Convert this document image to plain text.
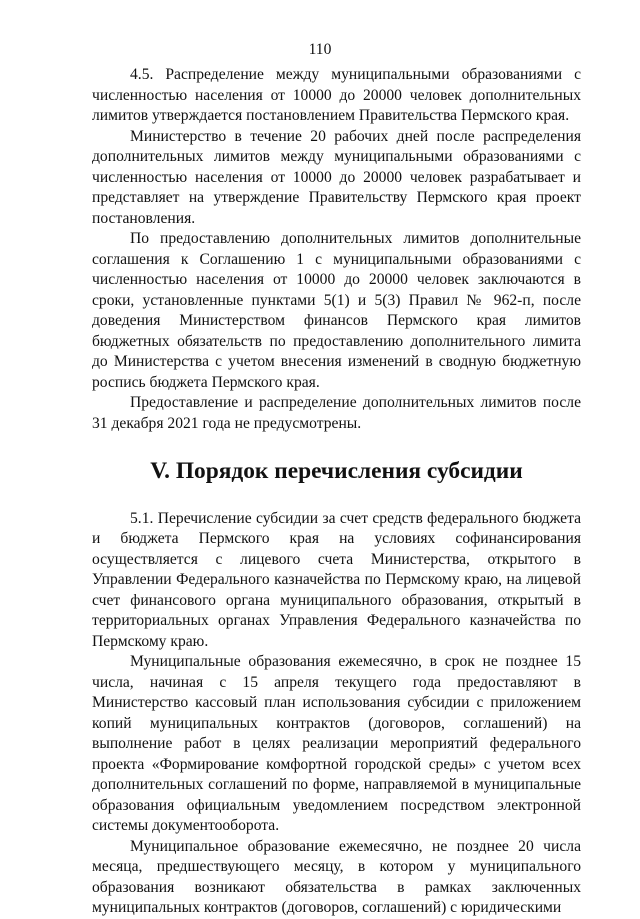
110

4.5. Распределение между муниципальными образованиями с численностью населения от 10000 до 20000 человек дополнительных лимитов утверждается постановлением Правительства Пермского края.

Министерство в течение 20 рабочих дней после распределения дополнительных лимитов между муниципальными образованиями с численностью населения от 10000 до 20000 человек разрабатывает и представляет на утверждение Правительству Пермского края проект постановления.

По предоставлению дополнительных лимитов дополнительные соглашения к Соглашению 1 с муниципальными образованиями с численностью населения от 10000 до 20000 человек заключаются в сроки, установленные пунктами 5(1) и 5(3) Правил № 962-п, после доведения Министерством финансов Пермского края лимитов бюджетных обязательств по предоставлению дополнительного лимита до Министерства с учетом внесения изменений в сводную бюджетную роспись бюджета Пермского края.

Предоставление и распределение дополнительных лимитов после 31 декабря 2021 года не предусмотрены.

V. Порядок перечисления субсидии

5.1. Перечисление субсидии за счет средств федерального бюджета и бюджета Пермского края на условиях софинансирования осуществляется с лицевого счета Министерства, открытого в Управлении Федерального казначейства по Пермскому краю, на лицевой счет финансового органа муниципального образования, открытый в территориальных органах Управления Федерального казначейства по Пермскому краю.

Муниципальные образования ежемесячно, в срок не позднее 15 числа, начиная с 15 апреля текущего года предоставляют в Министерство кассовый план использования субсидии с приложением копий муниципальных контрактов (договоров, соглашений) на выполнение работ в целях реализации мероприятий федерального проекта «Формирование комфортной городской среды» с учетом всех дополнительных соглашений по форме, направляемой в муниципальные образования официальным уведомлением посредством электронной системы документооборота.

Муниципальное образование ежемесячно, не позднее 20 числа месяца, предшествующего месяцу, в котором у муниципального образования возникают обязательства в рамках заключенных муниципальных контрактов (договоров, соглашений) с юридическими
